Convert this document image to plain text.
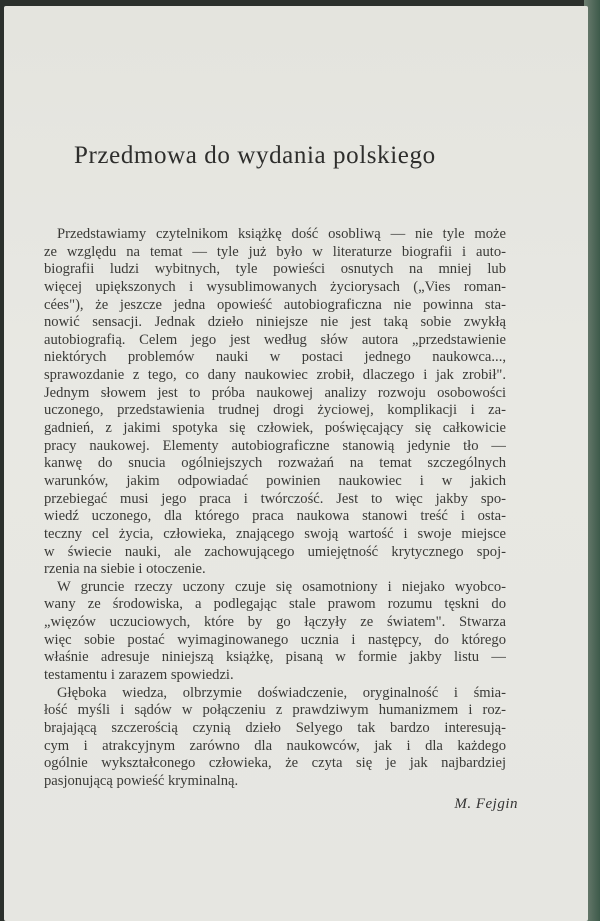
Przedmowa do wydania polskiego
Przedstawiamy czytelnikom książkę dość osobliwą — nie tyle może
ze względu na temat — tyle już było w literaturze biografii i auto-
biografii ludzi wybitnych, tyle powieści osnutych na mniej lub
więcej upiększonych i wysublimowanych życiorysach („Vies roman-
cées"), że jeszcze jedna opowieść autobiograficzna nie powinna sta-
nowić sensacji. Jednak dzieło niniejsze nie jest taką sobie zwykłą
autobiografią. Celem jego jest według słów autora „przedstawienie
niektórych problemów nauki w postaci jednego naukowca...,
sprawozdanie z tego, co dany naukowiec zrobił, dlaczego i jak zrobił".
Jednym słowem jest to próba naukowej analizy rozwoju osobowości
uczonego, przedstawienia trudnej drogi życiowej, komplikacji i za-
gadnień, z jakimi spotyka się człowiek, poświęcający się całkowicie
pracy naukowej. Elementy autobiograficzne stanowią jedynie tło —
kanwę do snucia ogólniejszych rozważań na temat szczególnych
warunków, jakim odpowiadać powinien naukowiec i w jakich
przebiegać musi jego praca i twórczość. Jest to więc jakby spo-
wiedź uczonego, dla którego praca naukowa stanowi treść i osta-
teczny cel życia, człowieka, znającego swoją wartość i swoje miejsce
w świecie nauki, ale zachowującego umiejętność krytycznego spoj-
rzenia na siebie i otoczenie.
W gruncie rzeczy uczony czuje się osamotniony i niejako wyobco-
wany ze środowiska, a podlegając stale prawom rozumu tęskni do
„więzów uczuciowych, które by go łączyły ze światem". Stwarza
więc sobie postać wyimaginowanego ucznia i następcy, do którego
właśnie adresuje niniejszą książkę, pisaną w formie jakby listu —
testamentu i zarazem spowiedzi.
Głęboka wiedza, olbrzymie doświadczenie, oryginalność i śmia-
łość myśli i sądów w połączeniu z prawdziwym humanizmem i roz-
brajającą szczerością czynią dzieło Selyego tak bardzo interesują-
cym i atrakcyjnym zarówno dla naukowców, jak i dla każdego
ogólnie wykształconego człowieka, że czyta się je jak najbardziej
pasjonującą powieść kryminalną.
M. Fejgin
